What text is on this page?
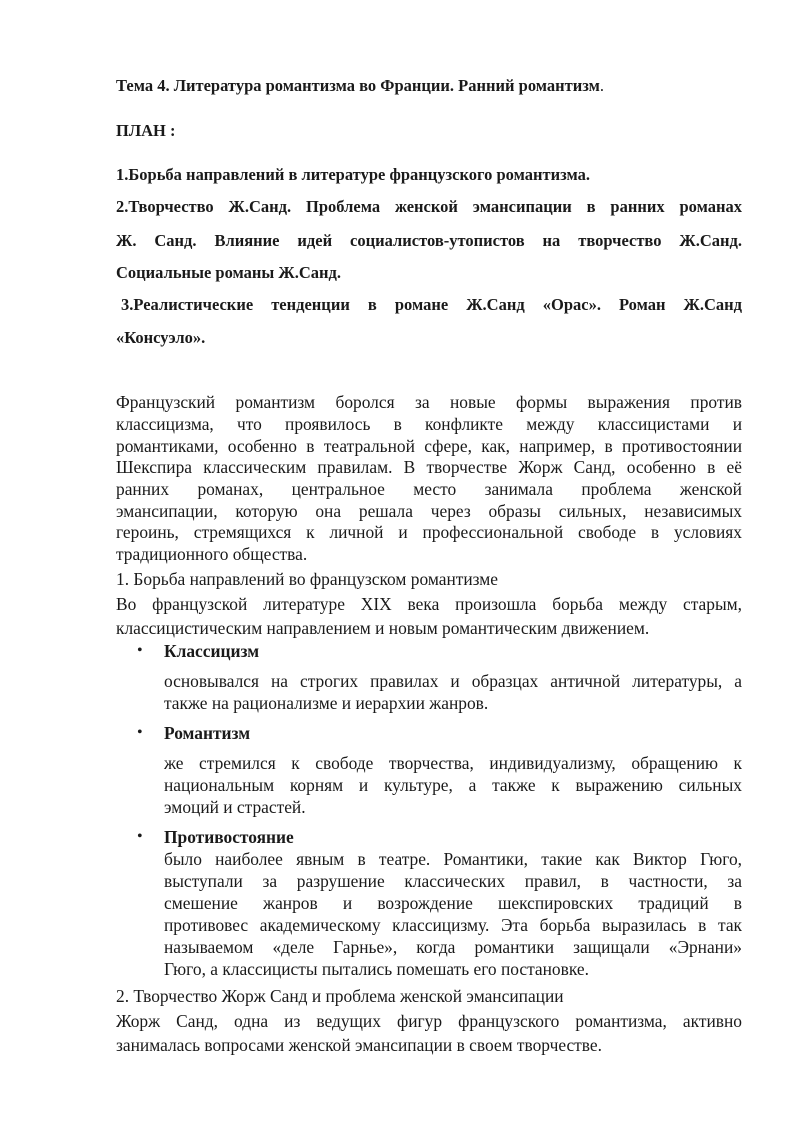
Тема 4. Литература романтизма во Франции. Ранний романтизм.

ПЛАН :

1.Борьба направлений в литературе французского романтизма.

2.Творчество Ж.Санд. Проблема женской эмансипации в ранних романах

Ж. Санд. Влияние идей социалистов-утопистов на творчество Ж.Санд.

Социальные романы Ж.Санд.

3.Реалистические тенденции в романе Ж.Санд «Орас». Роман Ж.Санд

«Консуэло».

Французский романтизм боролся за новые формы выражения против

классицизма, что проявилось в конфликте между классицистами и

романтиками, особенно в театральной сфере, как, например, в противостоянии

Шекспира классическим правилам. В творчестве Жорж Санд, особенно в её

ранних романах, центральное место занимала проблема женской

эмансипации, которую она решала через образы сильных, независимых

героинь, стремящихся к личной и профессиональной свободе в условиях

традиционного общества.

1. Борьба направлений во французском романтизме

Во французской литературе XIX века произошла борьба между старым,

классицистическим направлением и новым романтическим движением.

• Классицизм

основывался на строгих правилах и образцах античной литературы, а

также на рационализме и иерархии жанров.

• Романтизм

же стремился к свободе творчества, индивидуализму, обращению к

национальным корням и культуре, а также к выражению сильных

эмоций и страстей.

• Противостояние

было наиболее явным в театре. Романтики, такие как Виктор Гюго,

выступали за разрушение классических правил, в частности, за

смешение жанров и возрождение шекспировских традиций в

противовес академическому классицизму. Эта борьба выразилась в так

называемом «деле Гарнье», когда романтики защищали «Эрнани»

Гюго, а классицисты пытались помешать его постановке.

2. Творчество Жорж Санд и проблема женской эмансипации

Жорж Санд, одна из ведущих фигур французского романтизма, активно

занималась вопросами женской эмансипации в своем творчестве.
